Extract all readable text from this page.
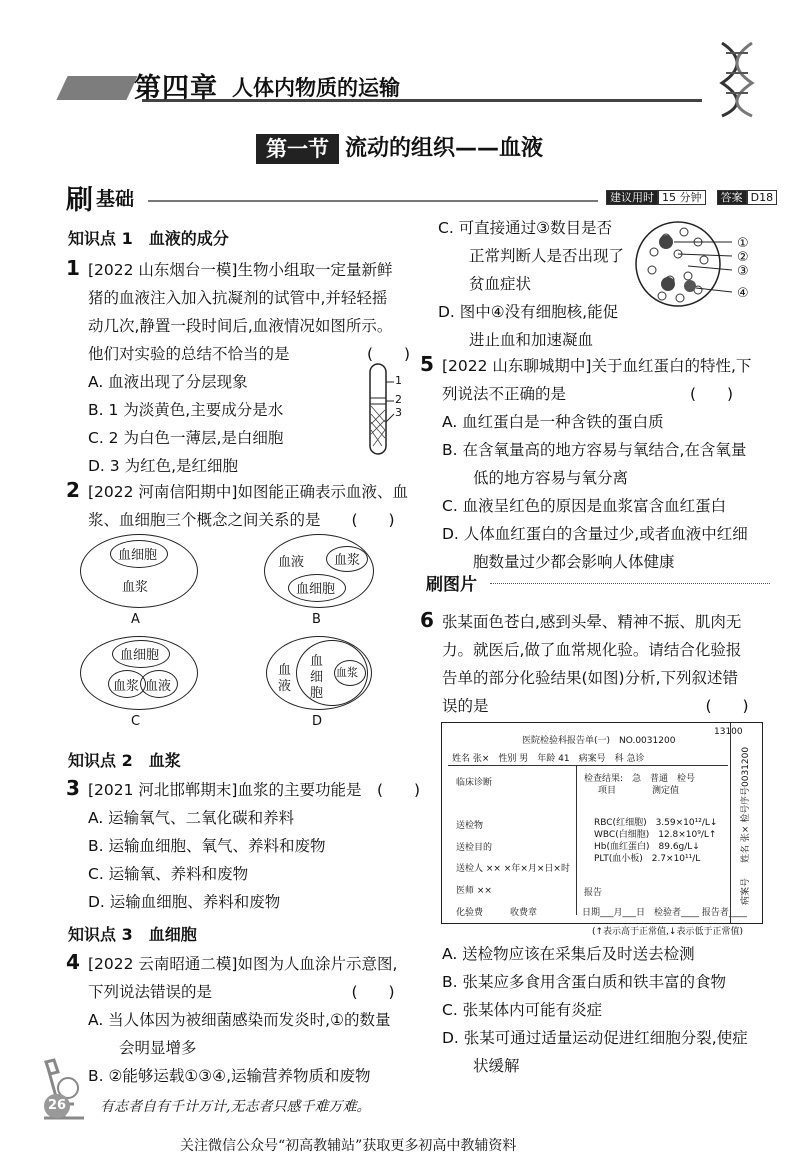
第四章 人体内物质的运输
第一节 流动的组织——血液
刷 基础	建议用时 15 分钟 答案 D18
知识点 1　血液的成分
1 [2022 山东烟台一模]生物小组取一定量新鲜
猪的血液注入加入抗凝剂的试管中,并轻轻摇
动几次,静置一段时间后,血液情况如图所示。
他们对实验的总结不恰当的是　　　　　(　　)
A. 血液出现了分层现象
B. 1 为淡黄色,主要成分是水
C. 2 为白色一薄层,是白细胞
D. 3 为红色,是红细胞
1
2
3
2 [2022 河南信阳期中]如图能正确表示血液、血
浆、血细胞三个概念之间关系的是　　(　　)
血细胞
血浆
A
血液 血浆
血细胞
B
血细胞
血浆 血液
C
血
液
血
细
胞
血浆
D
知识点 2　血浆
3 [2021 河北邯郸期末]血浆的主要功能是　(　　)
A. 运输氧气、二氧化碳和养料
B. 运输血细胞、氧气、养料和废物
C. 运输氧、养料和废物
D. 运输血细胞、养料和废物
知识点 3　血细胞
4 [2022 云南昭通二模]如图为人血涂片示意图,
下列说法错误的是　　　　　　　　　(　　)
A. 当人体因为被细菌感染而发炎时,①的数量
　　会明显增多
B. ②能够运载①③④,运输营养物质和废物
C. 可直接通过③数目是否
　　正常判断人是否出现了
　　贫血症状
D. 图中④没有细胞核,能促
　　进止血和加速凝血
①
②
③
④
5 [2022 山东聊城期中]关于血红蛋白的特性,下
列说法不正确的是　　　　　　　　(　　)
A. 血红蛋白是一种含铁的蛋白质
B. 在含氧量高的地方容易与氧结合,在含氧量
　　低的地方容易与氧分离
C. 血液呈红色的原因是血浆富含血红蛋白
D. 人体血红蛋白的含量过少,或者血液中红细
　　胞数量过少都会影响人体健康
刷图片
6 张某面色苍白,感到头晕、精神不振、肌肉无
力。就医后,做了血常规化验。请结合化验报
告单的部分化验结果(如图)分析,下列叙述错
误的是　　　　　　　　　　　　　　(　　)
13100
医院检验科报告单(一)　NO.0031200
姓名 张×　性别 男　年龄 41　病案号　科 急诊
临床诊断
送检物
送检目的
送检人 ×× ×年×月×日×时
医师 ××
化验费　　　收费章
检查结果:　急　普通　检号
项目　　　　测定值
RBC(红细胞)　3.59×10¹²/L↓
WBC(白细胞)　12.8×10⁹/L↑
Hb(血红蛋白)　89.6g/L↓
PLT(血小板)　2.7×10¹¹/L
报告
日期___月___日　检验者____ 报告者____
序号0031200
姓名 张× 检号
病案号
(↑表示高于正常值,↓表示低于正常值)
A. 送检物应该在采集后及时送去检测
B. 张某应多食用含蛋白质和铁丰富的食物
C. 张某体内可能有炎症
D. 张某可通过适量运动促进红细胞分裂,使症
　　状缓解
26 有志者自有千计万计,无志者只感千难万难。
关注微信公众号“初高教辅站”获取更多初高中教辅资料
